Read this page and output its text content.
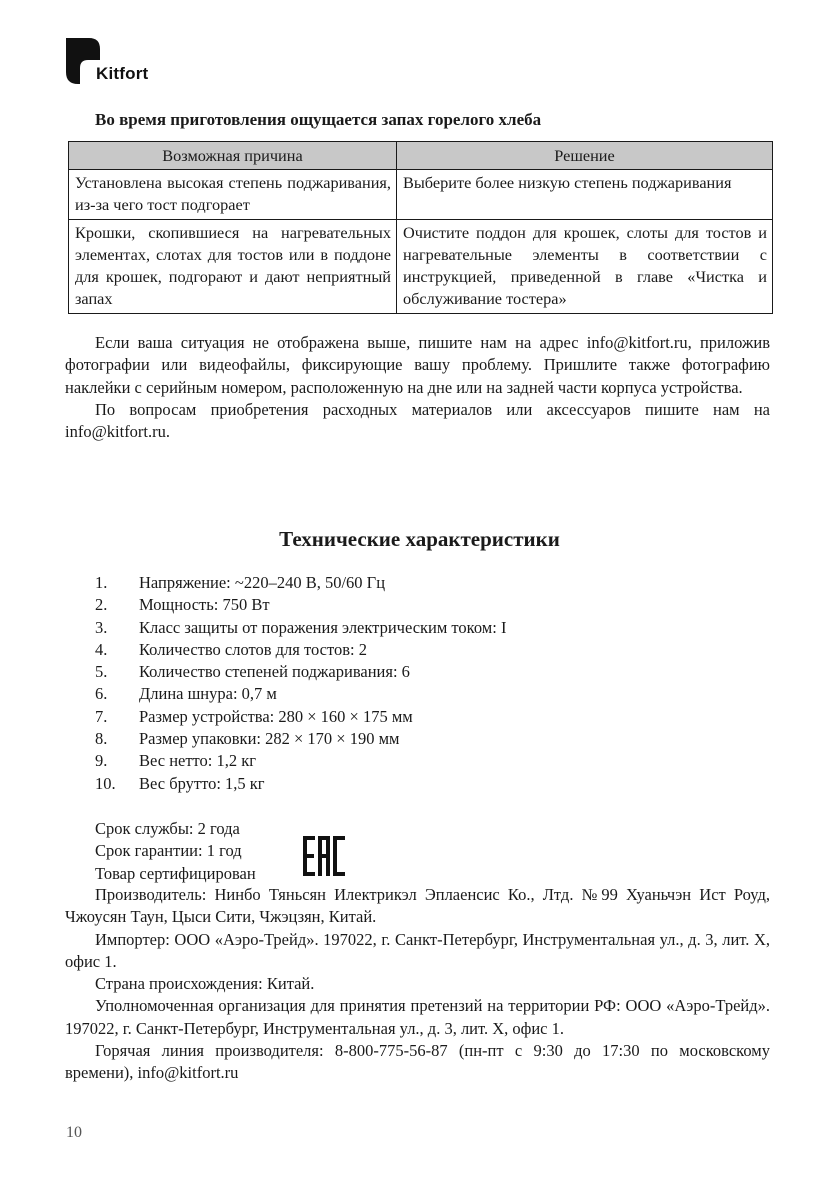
Kitfort
Во время приготовления ощущается запах горелого хлеба
Возможная причина	Решение
Установлена высокая степень поджаривания, из-за чего тост подгорает	Выберите более низкую степень поджаривания
Крошки, скопившиеся на нагревательных элементах, слотах для тостов или в поддоне для крошек, подгорают и дают неприятный запах	Очистите поддон для крошек, слоты для тостов и нагревательные элементы в соответствии с инструкцией, приведенной в главе «Чистка и обслуживание тостера»

Если ваша ситуация не отображена выше, пишите нам на адрес info@kitfort.ru, приложив фотографии или видеофайлы, фиксирующие вашу проблему. Пришлите также фотографию наклейки с серийным номером, расположенную на дне или на задней части корпуса устройства.

По вопросам приобретения расходных материалов или аксессуаров пишите нам на info@kitfort.ru.

Технические характеристики
1.	Напряжение: ~220–240 В, 50/60 Гц
2.	Мощность: 750 Вт
3.	Класс защиты от поражения электрическим током: I
4.	Количество слотов для тостов: 2
5.	Количество степеней поджаривания: 6
6.	Длина шнура: 0,7 м
7.	Размер устройства: 280 × 160 × 175 мм
8.	Размер упаковки: 282 × 170 × 190 мм
9.	Вес нетто: 1,2 кг
10.	Вес брутто: 1,5 кг
Срок службы: 2 года
Срок гарантии: 1 год
Товар сертифицирован

Производитель: Нинбо Тяньсян Илектрикэл Эплаенсис Ко., Лтд. №99 Хуаньчэн Ист Роуд, Чжоусян Таун, Цыси Сити, Чжэцзян, Китай.

Импортер: ООО «Аэро-Трейд». 197022, г. Санкт-Петербург, Инструментальная ул., д. 3, лит. Х, офис 1.

Страна происхождения: Китай.

Уполномоченная организация для принятия претензий на территории РФ: ООО «Аэро-Трейд». 197022, г. Санкт-Петербург, Инструментальная ул., д. 3, лит. Х, офис 1.

Горячая линия производителя: 8-800-775-56-87 (пн-пт с 9:30 до 17:30 по московскому времени), info@kitfort.ru

10
